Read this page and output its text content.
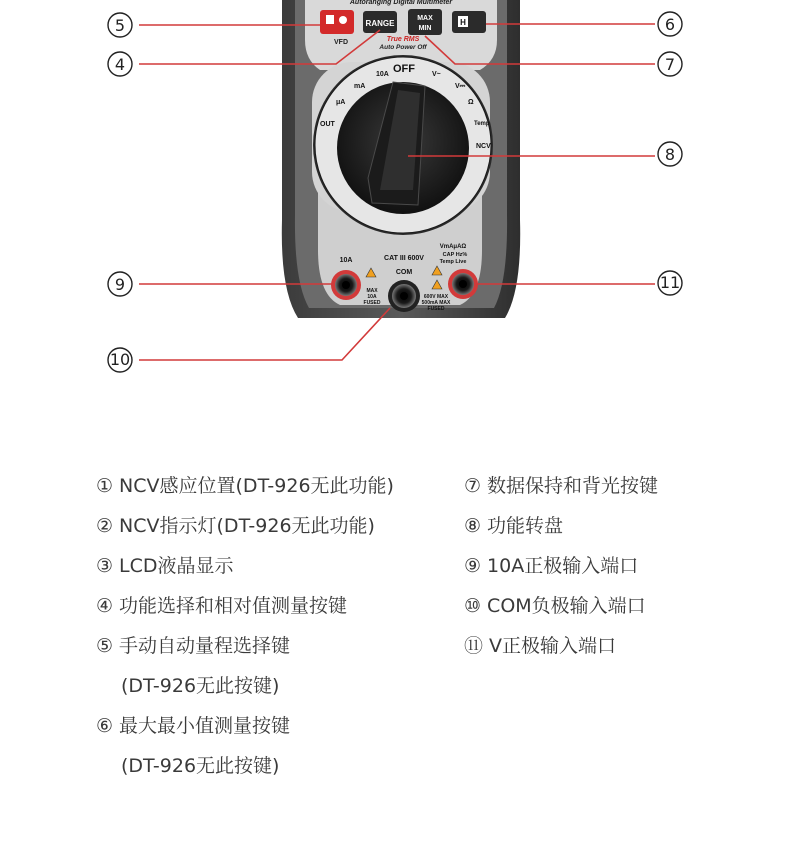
Autoranging Digital Multimeter
RANGE
MAX
MIN
H
VFD	True RMS
Auto Power Off
OFF V~
V⎓
Ω
Temp
NCV
10A
mA
μA
OUT
10A
MAX
10A
FUSED
CAT III 600V
COM
VmAμAΩ
CAP Hz%
Temp Live
600V MAX
500mA MAX
FUSED
5
4
9
10
6
7
8
11
① NCV感应位置(DT-926无此功能)
② NCV指示灯(DT-926无此功能)
③ LCD液晶显示
④ 功能选择和相对值测量按键
⑤ 手动自动量程选择键
(DT-926无此按键)
⑥ 最大最小值测量按键
(DT-926无此按键)
⑦ 数据保持和背光按键
⑧ 功能转盘
⑨ 10A正极输入端口
⑩ COM负极输入端口
⑪ V正极输入端口
